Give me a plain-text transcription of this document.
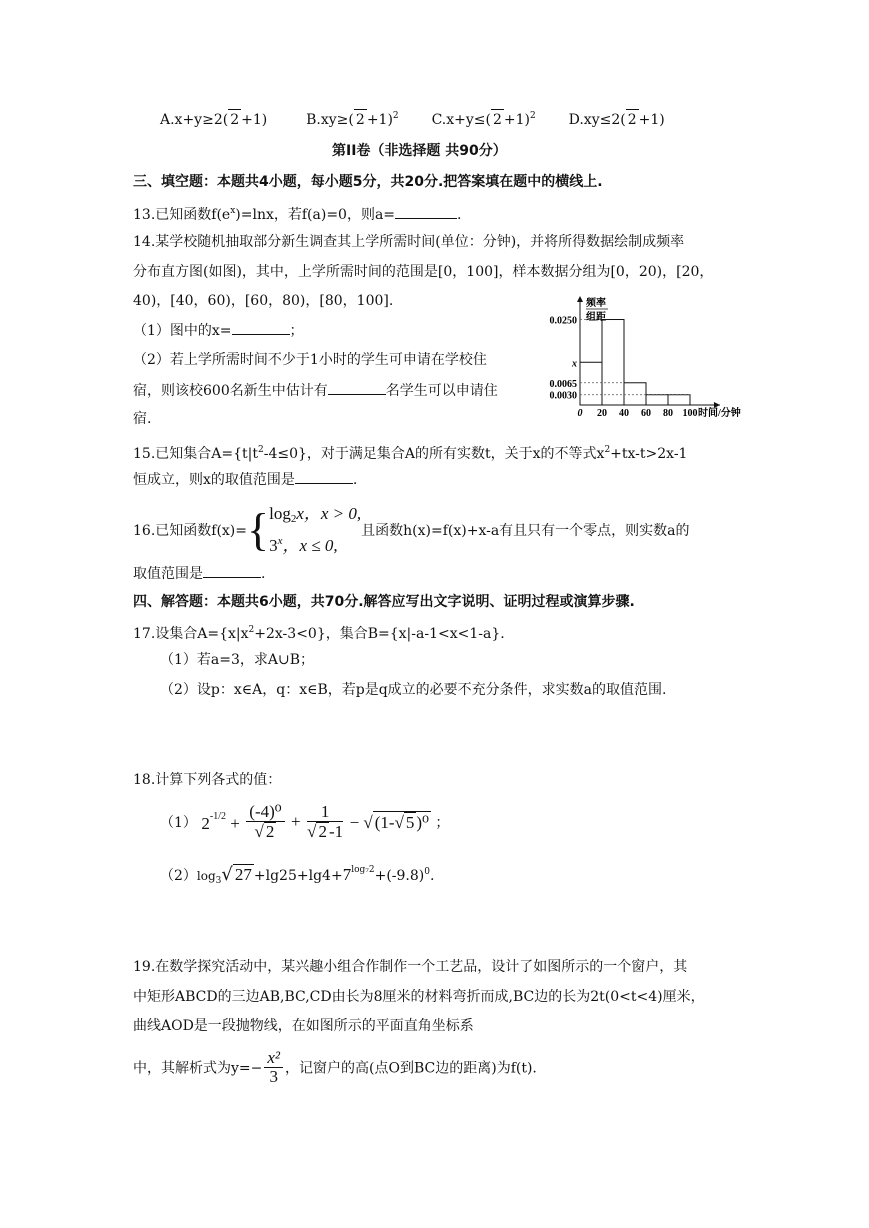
A.x+y≥2( 2 +1)	B.xy≥( 2 +1)$^2$ C.x+y≤( 2 +1)$^2$ D.xy≤2( 2 +1)
第II卷（非选择题 共90分）
三、填空题：本题共4小题，每小题5分，共20分.把答案填在题中的横线上.
13.已知函数$f(e^x)=\ln x$，若f(a)=0，则a=	.
14.某学校随机抽取部分新生调查其上学所需时间(单位：分钟)，并将所得数据绘制成频率
分布直方图(如图)，其中，上学所需时间的范围是[0，100]，样本数据分组为[0，20)，[20，
40)，[40，60)，[60，80)，[80，100].
（1）图中的x=	；
（2）若上学所需时间不少于1小时的学生可申请在学校住
宿，则该校600名新生中估计有	名学生可以申请住
宿.
x
0.0250
0.0065
0.0030
0 20 40 60 80 100 时间/分钟
频率
组距
15.已知集合$A=\{t|t^2-4\le 0\}$，对于满足集合A的所有实数t，关于x的不等式$x^2+tx-t>2x-1$
恒成立，则x的取值范围是	.
16.已知函数f(x)={ log2x，x > 0,
3$^x$，x ≤ 0,
且函数h(x)=f(x)+x-a有且只有一个零点，则实数a的
取值范围是	.
四、解答题：本题共6小题，共70分.解答应写出文字说明、证明过程或演算步骤.
17.设集合$A=\{x|x^2+2x-3<0\}$，集合B={x|-a-1<x<1-a}.
（1）若a=3，求A∪B；
（2）设p：x∈A，q：x∈B，若p是q成立的必要不充分条件，求实数a的取值范围.
18.计算下列各式的值：
（1） $2^{-1/2} + \frac{\text{(-4)⁰}}{√ 2} + \frac{1}{√ 2 -1}$ − √ (1-√ 5 )⁰ ；
$(2)\log_3√$ $27 +\lg 25+\lg 4+7^{log_72}+(-9.8)^0$.
19.在数学探究活动中，某兴趣小组合作制作一个工艺品，设计了如图所示的一个窗户，其
中矩形ABCD的三边AB,BC,CD由长为8厘米的材料弯折而成,BC边的长为2t(0<t<4)厘米，
曲线AOD是一段抛物线，在如图所示的平面直角坐标系
中，其解析式为$y=- \frac{\text{x²}}{3}$ ，记窗户的高(点O到BC边的距离)为f(t).
